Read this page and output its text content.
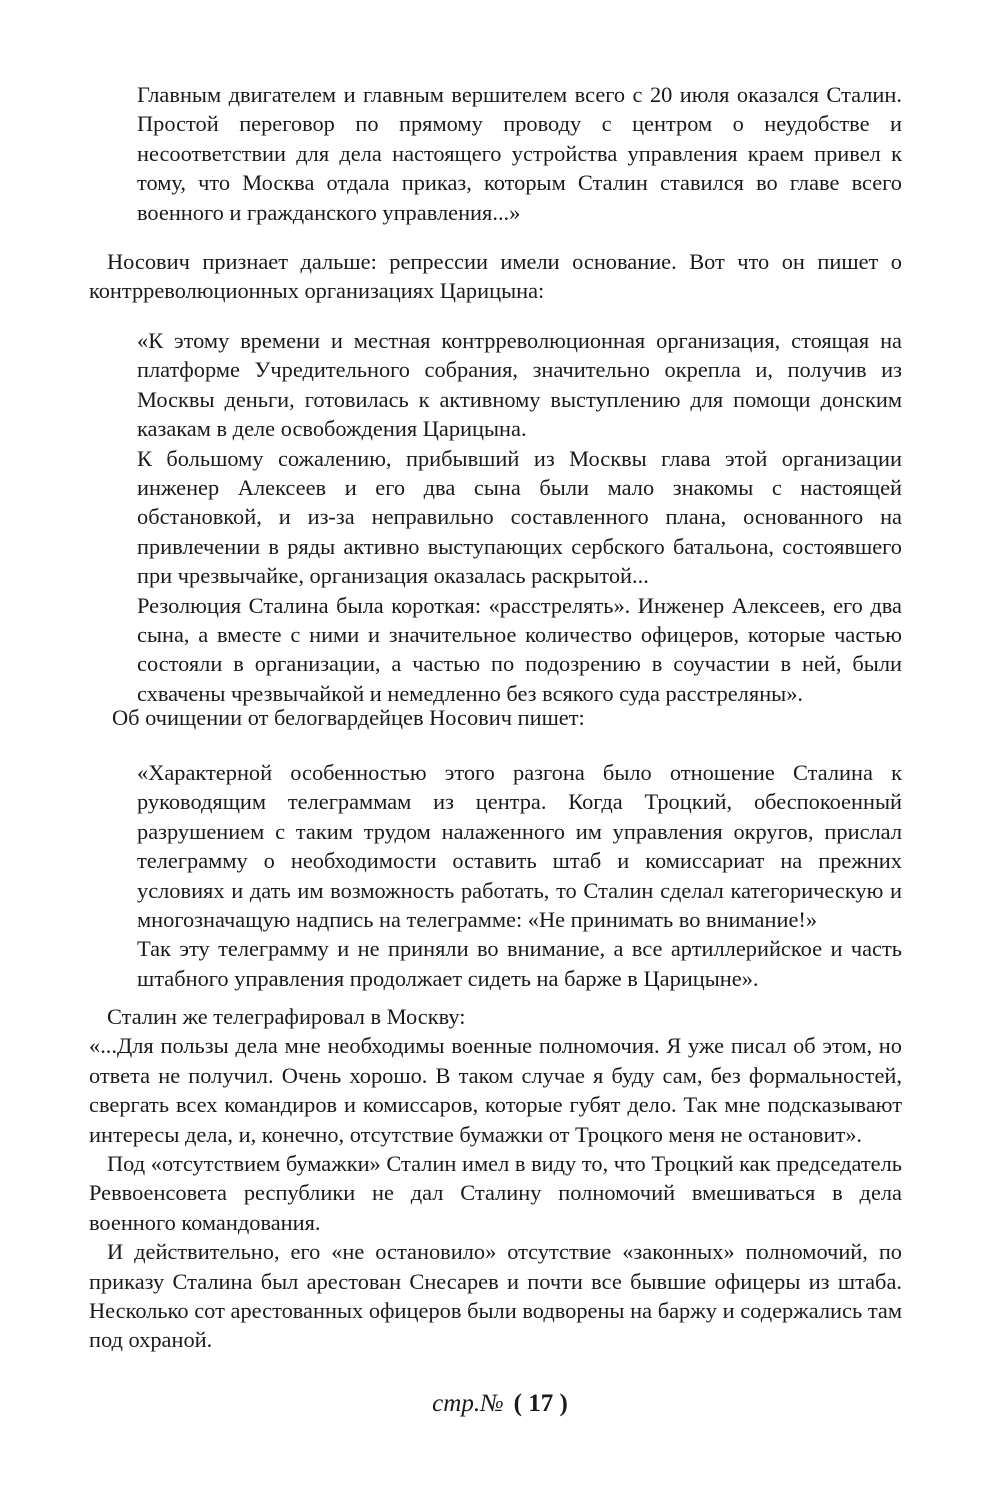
Главным двигателем и главным вершителем всего с 20 июля оказался Сталин. Простой переговор по прямому проводу с центром о неудобстве и несоответствии для дела настоящего устройства управления краем привел к тому, что Москва отдала приказ, которым Сталин ставился во главе всего военного и гражданского управления...»

Носович признает дальше: репрессии имели основание. Вот что он пишет о контрреволюционных организациях Царицына:

«К этому времени и местная контрреволюционная организация, стоящая на платформе Учредительного собрания, значительно окрепла и, получив из Москвы деньги, готовилась к активному выступлению для помощи донским казакам в деле освобождения Царицына.

К большому сожалению, прибывший из Москвы глава этой организации инженер Алексеев и его два сына были мало знакомы с настоящей обстановкой, и из-за неправильно составленного плана, основанного на привлечении в ряды активно выступающих сербского батальона, состоявшего при чрезвычайке, организация оказалась раскрытой...

Резолюция Сталина была короткая: «расстрелять». Инженер Алексеев, его два сына, а вместе с ними и значительное количество офицеров, которые частью состояли в организации, а частью по подозрению в соучастии в ней, были схвачены чрезвычайкой и немедленно без всякого суда расстреляны».

Об очищении от белогвардейцев Носович пишет:

«Характерной особенностью этого разгона было отношение Сталина к руководящим телеграммам из центра. Когда Троцкий, обеспокоенный разрушением с таким трудом налаженного им управления округов, прислал телеграмму о необходимости оставить штаб и комиссариат на прежних условиях и дать им возможность работать, то Сталин сделал категорическую и многозначащую надпись на телеграмме: «Не принимать во внимание!»

Так эту телеграмму и не приняли во внимание, а все артиллерийское и часть штабного управления продолжает сидеть на барже в Царицыне».

Сталин же телеграфировал в Москву:

«...Для пользы дела мне необходимы военные полномочия. Я уже писал об этом, но ответа не получил. Очень хорошо. В таком случае я буду сам, без формальностей, свергать всех командиров и комиссаров, которые губят дело. Так мне подсказывают интересы дела, и, конечно, отсутствие бумажки от Троцкого меня не остановит».

Под «отсутствием бумажки» Сталин имел в виду то, что Троцкий как председатель Реввоенсовета республики не дал Сталину полномочий вмешиваться в дела военного командования.

И действительно, его «не остановило» отсутствие «законных» полномочий, по приказу Сталина был арестован Снесарев и почти все бывшие офицеры из штаба. Несколько сот арестованных офицеров были водворены на баржу и содержались там под охраной.

стр.№ ( 17 )
